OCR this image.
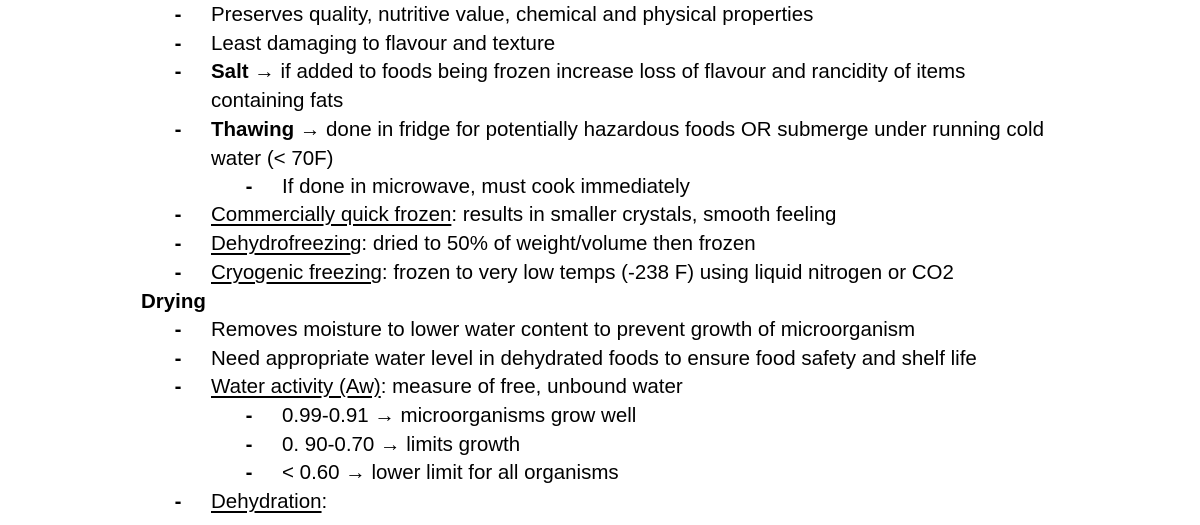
- Preserves quality, nutritive value, chemical and physical properties
- Least damaging to flavour and texture
- Salt → if added to foods being frozen increase loss of flavour and rancidity of items containing fats
- Thawing → done in fridge for potentially hazardous foods OR submerge under running cold water (< 70F)
- If done in microwave, must cook immediately
- Commercially quick frozen: results in smaller crystals, smooth feeling
- Dehydrofreezing: dried to 50% of weight/volume then frozen
- Cryogenic freezing: frozen to very low temps (-238 F) using liquid nitrogen or CO2
Drying
- Removes moisture to lower water content to prevent growth of microorganism
- Need appropriate water level in dehydrated foods to ensure food safety and shelf life
- Water activity (Aw): measure of free, unbound water
- 0.99-0.91 → microorganisms grow well
- 0. 90-0.70 → limits growth
- < 0.60 → lower limit for all organisms
- Dehydration:
